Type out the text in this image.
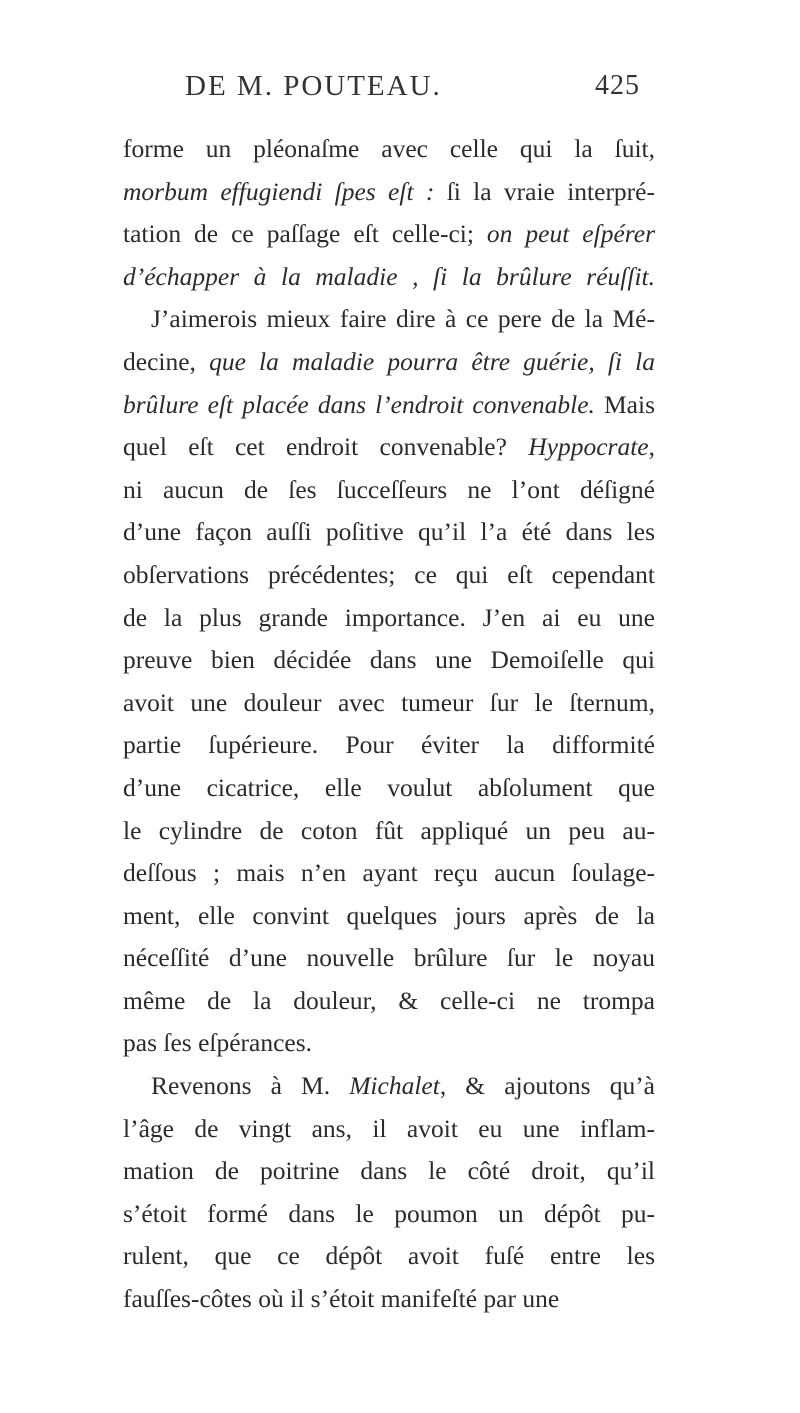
DE M. POUTEAU.	425
forme un pléonaſme avec celle qui la ſuit,
morbum effugiendi ſpes eſt : ſi la vraie interpré-
tation de ce paſſage eſt celle-ci; on peut eſpérer
d’échapper à la maladie , ſi la brûlure réuſſit.
J’aimerois mieux faire dire à ce pere de la Mé-
decine, que la maladie pourra être guérie, ſi la
brûlure eſt placée dans l’endroit convenable. Mais
quel eſt cet endroit convenable? Hyppocrate,
ni aucun de ſes ſucceſſeurs ne l’ont déſigné
d’une façon auſſi poſitive qu’il l’a été dans les
obſervations précédentes; ce qui eſt cependant
de la plus grande importance. J’en ai eu une
preuve bien décidée dans une Demoiſelle qui
avoit une douleur avec tumeur ſur le ſternum,
partie ſupérieure. Pour éviter la difformité
d’une cicatrice, elle voulut abſolument que
le cylindre de coton fût appliqué un peu au-
deſſous ; mais n’en ayant reçu aucun ſoulage-
ment, elle convint quelques jours après de la
néceſſité d’une nouvelle brûlure ſur le noyau
même de la douleur, & celle-ci ne trompa
pas ſes eſpérances.
Revenons à M. Michalet, & ajoutons qu’à
l’âge de vingt ans, il avoit eu une inflam-
mation de poitrine dans le côté droit, qu’il
s’étoit formé dans le poumon un dépôt pu-
rulent, que ce dépôt avoit fuſé entre les
fauſſes-côtes où il s’étoit manifeſté par une
